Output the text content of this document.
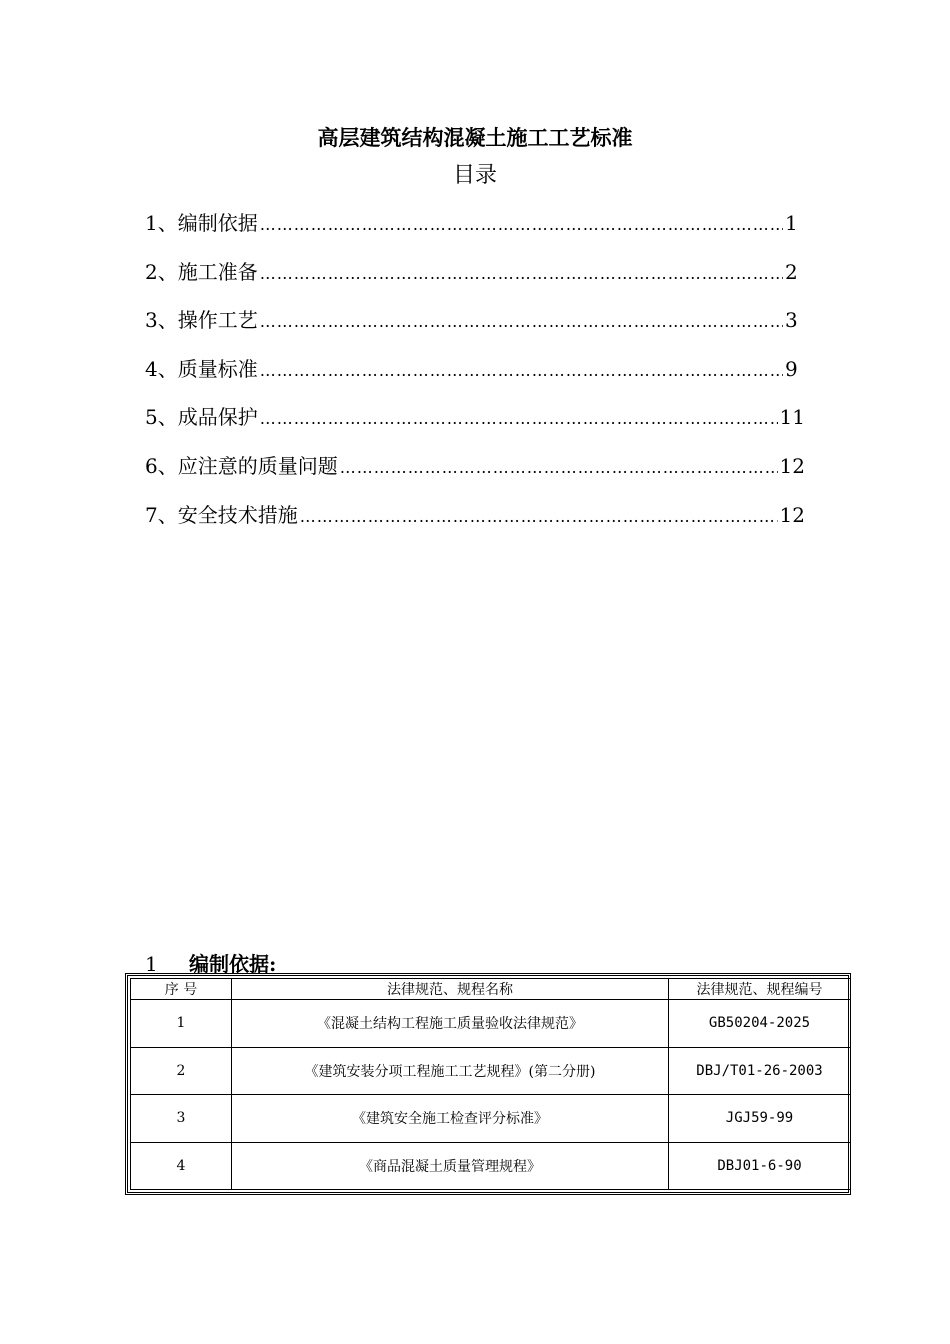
高层建筑结构混凝土施工工艺标准
目录
1、编制依据 ……………………………………………………………………………………………………………………………………………………………………	1
2、施工准备 ……………………………………………………………………………………………………………………………………………………………………	2
3、操作工艺 ……………………………………………………………………………………………………………………………………………………………………	3
4、质量标准 ……………………………………………………………………………………………………………………………………………………………………	9
5、成品保护 ……………………………………………………………………………………………………………………………………………………………………	11
6、应注意的质量问题 ……………………………………………………………………………………………………………………………………………………………………	12
7、安全技术措施 ……………………………………………………………………………………………………………………………………………………………………	12
1 编制依据:
序 号	法律规范、规程名称	法律规范、规程编号
1	《混凝土结构工程施工质量验收法律规范》	GB50204-2025
2	《建筑安装分项工程施工工艺规程》(第二分册)	DBJ/T01-26-2003
3	《建筑安全施工检查评分标准》	JGJ59-99
4	《商品混凝土质量管理规程》	DBJ01-6-90
